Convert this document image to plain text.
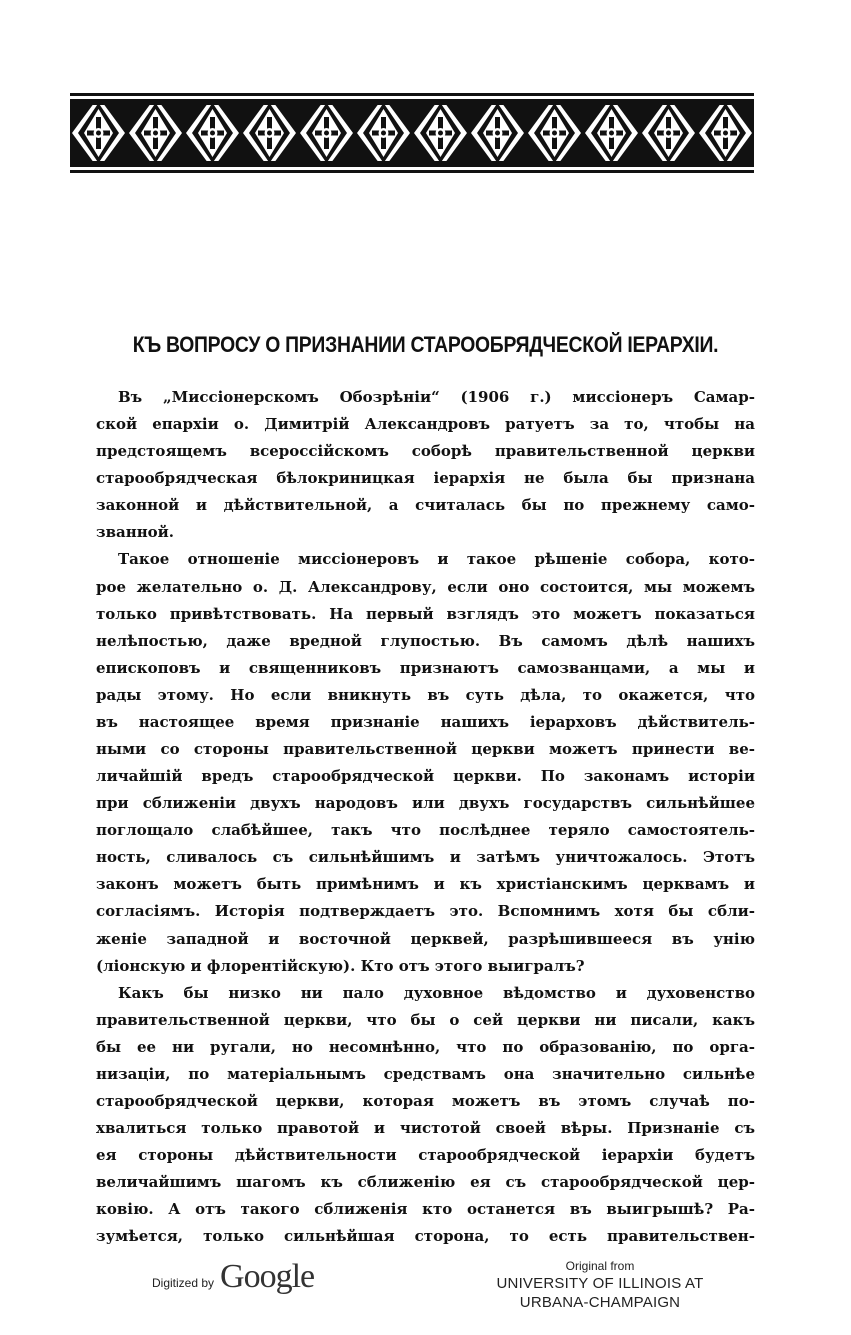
КЪ ВОПРОСУ О ПРИЗНАНИИ СТАРООБРЯДЧЕСКОЙ ІЕРАРХІИ.
Въ „Миссіонерскомъ Обозрѣніи“ (1906 г.) миссіонеръ Самар-
ской епархіи о. Димитрій Александровъ ратуетъ за то, чтобы на
предстоящемъ всероссійскомъ соборѣ правительственной церкви
старообрядческая бѣлокриницкая іерархія не была бы признана
законной и дѣйствительной, а считалась бы по прежнему само-
званной.
Такое отношеніе миссіонеровъ и такое рѣшеніе собора, кото-
рое желательно о. Д. Александрову, если оно состоится, мы можемъ
только привѣтствовать. На первый взглядъ это можетъ показаться
нелѣпостью, даже вредной глупостью. Въ самомъ дѣлѣ нашихъ
епископовъ и священниковъ признаютъ самозванцами, а мы и
рады этому. Но если вникнуть въ суть дѣла, то окажется, что
въ настоящее время признаніе нашихъ іерарховъ дѣйствитель-
ными со стороны правительственной церкви можетъ принести ве-
личайшій вредъ старообрядческой церкви. По законамъ исторіи
при сближеніи двухъ народовъ или двухъ государствъ сильнѣйшее
поглощало слабѣйшее, такъ что послѣднее теряло самостоятель-
ность, сливалось съ сильнѣйшимъ и затѣмъ уничтожалось. Этотъ
законъ можетъ быть примѣнимъ и къ христіанскимъ церквамъ и
согласіямъ. Исторія подтверждаетъ это. Вспомнимъ хотя бы сбли-
женіе западной и восточной церквей, разрѣшившееся въ унію
(ліонскую и флорентійскую). Кто отъ этого выигралъ?
Какъ бы низко ни пало духовное вѣдомство и духовенство
правительственной церкви, что бы о сей церкви ни писали, какъ
бы ее ни ругали, но несомнѣнно, что по образованію, по орга-
низаціи, по матеріальнымъ средствамъ она значительно сильнѣе
старообрядческой церкви, которая можетъ въ этомъ случаѣ по-
хвалиться только правотой и чистотой своей вѣры. Признаніе съ
ея стороны дѣйствительности старообрядческой іерархіи будетъ
величайшимъ шагомъ къ сближенію ея съ старообрядческой цер-
ковію. А отъ такого сближенія кто останется въ выигрышѣ? Ра-
зумѣется, только сильнѣйшая сторона, то есть правительствен-
Digitized by Google	Original from
UNIVERSITY OF ILLINOIS AT
URBANA-CHAMPAIGN
